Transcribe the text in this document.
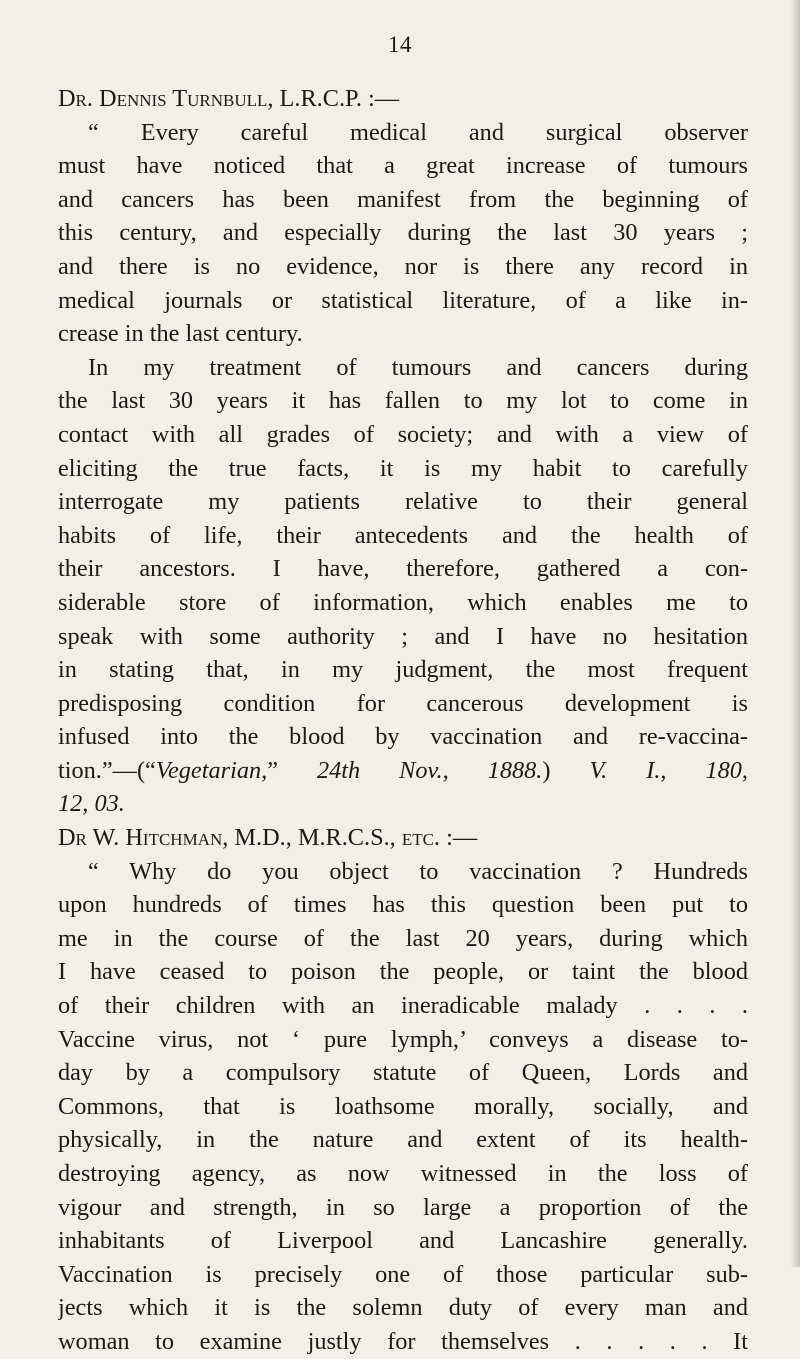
14
Dr. Dennis Turnbull, L.R.C.P. :—
“ Every careful medical and surgical observer
must have noticed that a great increase of tumours
and cancers has been manifest from the beginning of
this century, and especially during the last 30 years ;
and there is no evidence, nor is there any record in
medical journals or statistical literature, of a like in-
crease in the last century.
In my treatment of tumours and cancers during
the last 30 years it has fallen to my lot to come in
contact with all grades of society; and with a view of
eliciting the true facts, it is my habit to carefully
interrogate my patients relative to their general
habits of life, their antecedents and the health of
their ancestors. I have, therefore, gathered a con-
siderable store of information, which enables me to
speak with some authority ; and I have no hesitation
in stating that, in my judgment, the most frequent
predisposing condition for cancerous development is
infused into the blood by vaccination and re-vaccina-
tion.”—(“Vegetarian,” 24th Nov., 1888.) V. I., 180,
12, 03.
Dr W. Hitchman, M.D., M.R.C.S., etc. :—
“ Why do you object to vaccination ? Hundreds
upon hundreds of times has this question been put to
me in the course of the last 20 years, during which
I have ceased to poison the people, or taint the blood
of their children with an ineradicable malady . . . .
Vaccine virus, not ‘ pure lymph,’ conveys a disease to-
day by a compulsory statute of Queen, Lords and
Commons, that is loathsome morally, socially, and
physically, in the nature and extent of its health-
destroying agency, as now witnessed in the loss of
vigour and strength, in so large a proportion of the
inhabitants of Liverpool and Lancashire generally.
Vaccination is precisely one of those particular sub-
jects which it is the solemn duty of every man and
woman to examine justly for themselves . . . . . It
